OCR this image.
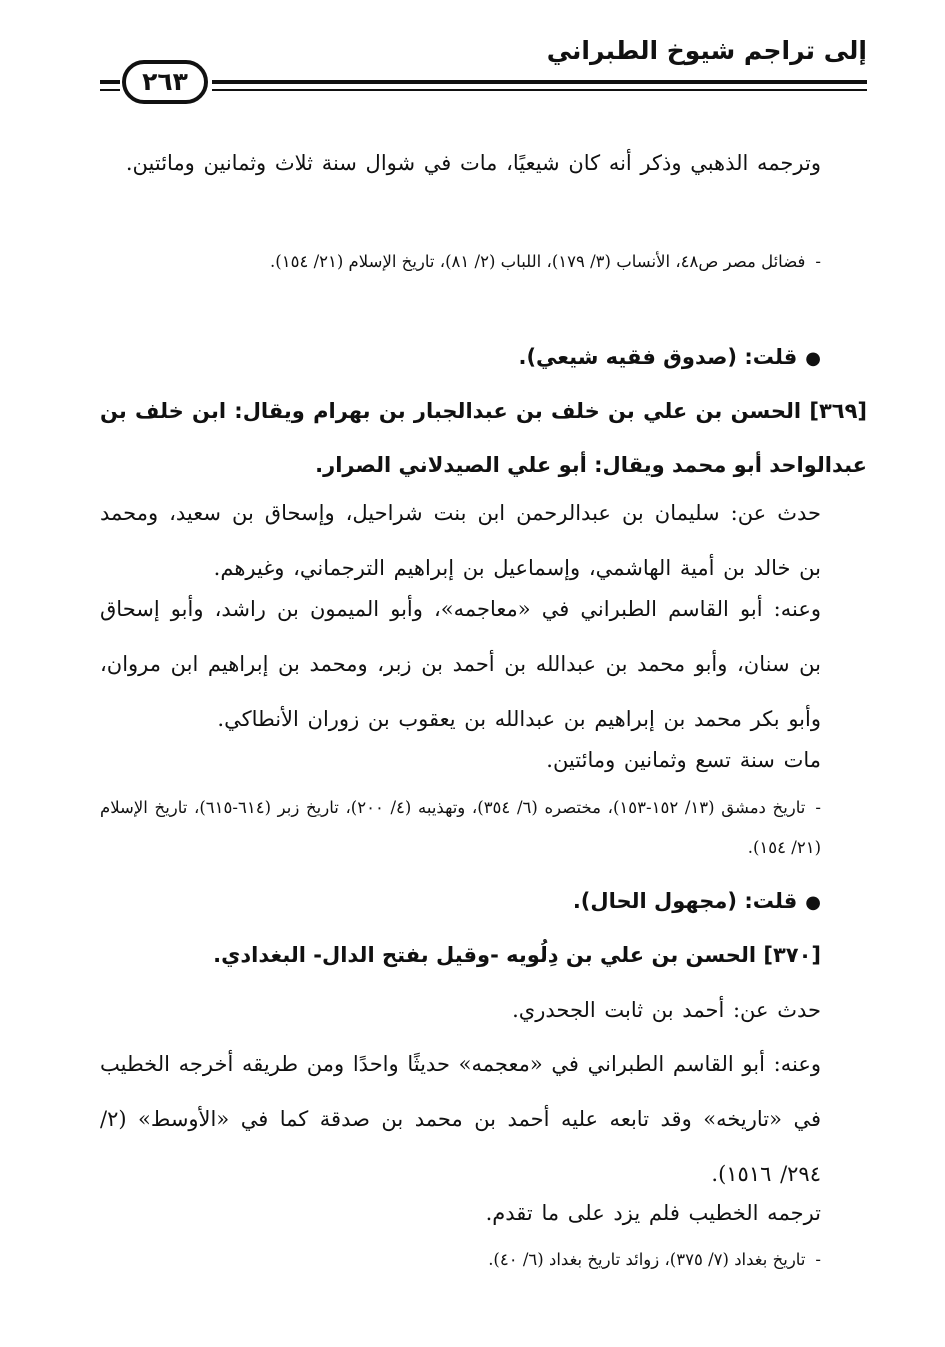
إلى تراجم شيوخ الطبراني
٢٦٣

وترجمه الذهبي وذكر أنه كان شيعيًا، مات في شوال سنة ثلاث وثمانين ومائتين.

-فضائل مصر ص٤٨، الأنساب (٣/ ١٧٩)، اللباب (٢/ ٨١)، تاريخ الإسلام (٢١/ ١٥٤).

●قلت: (صدوق فقيه شيعي).

[٣٦٩] الحسن بن علي بن خلف بن عبدالجبار بن بهرام ويقال: ابن خلف بن عبدالواحد أبو محمد ويقال: أبو علي الصيدلاني الصرار.

حدث عن: سليمان بن عبدالرحمن ابن بنت شراحيل، وإسحاق بن سعيد، ومحمد بن خالد بن أمية الهاشمي، وإسماعيل بن إبراهيم الترجماني، وغيرهم.

وعنه: أبو القاسم الطبراني في «معاجمه»، وأبو الميمون بن راشد، وأبو إسحاق بن سنان، وأبو محمد بن عبدالله بن أحمد بن زبر، ومحمد بن إبراهيم ابن مروان، وأبو بكر محمد بن إبراهيم بن عبدالله بن يعقوب بن زوران الأنطاكي.

مات سنة تسع وثمانين ومائتين.

-تاريخ دمشق (١٣/ ١٥٢-١٥٣)، مختصره (٦/ ٣٥٤)، وتهذيبه (٤/ ٢٠٠)، تاريخ زبر (٦١٤-٦١٥)، تاريخ الإسلام (٢١/ ١٥٤).

●قلت: (مجهول الحال).

[٣٧٠] الحسن بن علي بن دِلُويه -وقيل بفتح الدال- البغدادي.

حدث عن: أحمد بن ثابت الجحدري.

وعنه: أبو القاسم الطبراني في «معجمه» حديثًا واحدًا ومن طريقه أخرجه الخطيب في «تاريخه» وقد تابعه عليه أحمد بن محمد بن صدقة كما في «الأوسط» (٢/ ٢٩٤/ ١٥١٦).

ترجمه الخطيب فلم يزد على ما تقدم.

-تاريخ بغداد (٧/ ٣٧٥)، زوائد تاريخ بغداد (٦/ ٤٠).
